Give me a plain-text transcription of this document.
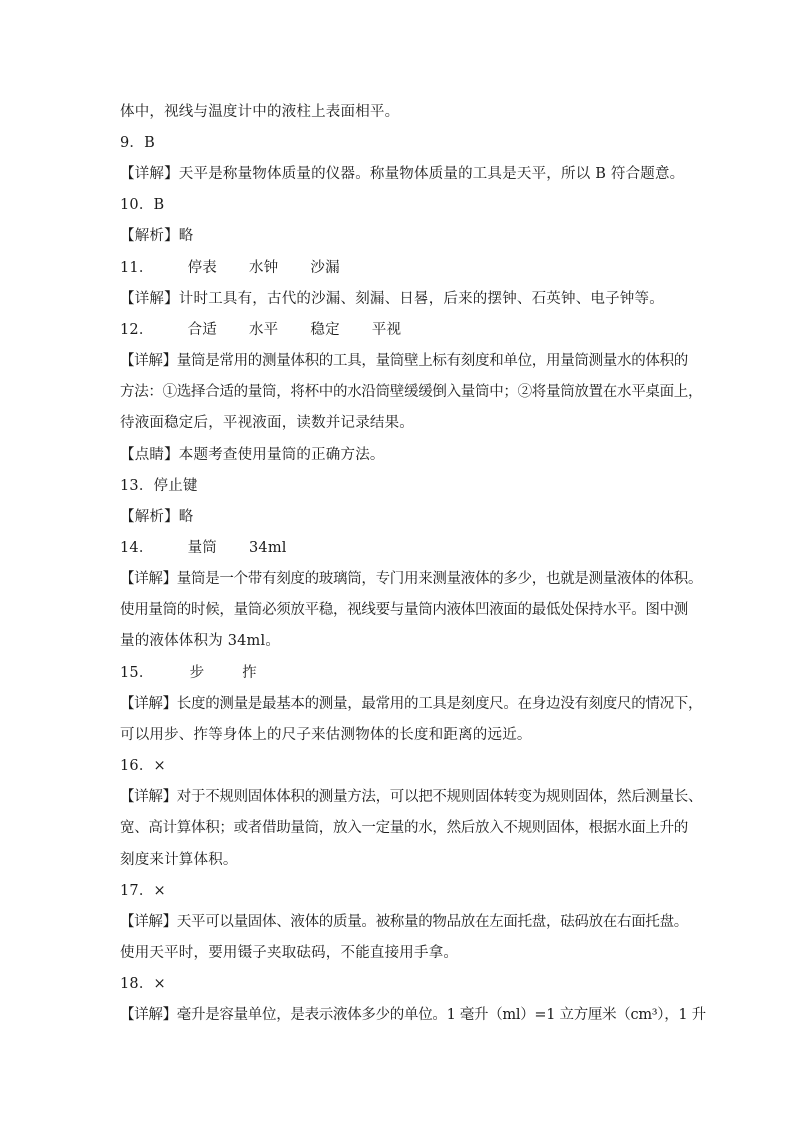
体中，视线与温度计中的液柱上表面相平。
9．B
【详解】天平是称量物体质量的仪器。称量物体质量的工具是天平，所以 B 符合题意。
10．B
【解析】略
11． 停表 水钟 沙漏
【详解】计时工具有，古代的沙漏、刻漏、日晷，后来的摆钟、石英钟、电子钟等。
12． 合适 水平 稳定 平视
【详解】量筒是常用的测量体积的工具，量筒壁上标有刻度和单位，用量筒测量水的体积的
方法：①选择合适的量筒，将杯中的水沿筒壁缓缓倒入量筒中；②将量筒放置在水平桌面上，
待液面稳定后，平视液面，读数并记录结果。
【点睛】本题考查使用量筒的正确方法。
13．停止键
【解析】略
14． 量筒 34ml
【详解】量筒是一个带有刻度的玻璃筒，专门用来测量液体的多少，也就是测量液体的体积。
使用量筒的时候，量筒必须放平稳，视线要与量筒内液体凹液面的最低处保持水平。图中测
量的液体体积为 34ml。
15． 步	拃
【详解】长度的测量是最基本的测量，最常用的工具是刻度尺。在身边没有刻度尺的情况下，
可以用步、拃等身体上的尺子来估测物体的长度和距离的远近。
16．×
【详解】对于不规则固体体积的测量方法，可以把不规则固体转变为规则固体，然后测量长、
宽、高计算体积；或者借助量筒，放入一定量的水，然后放入不规则固体，根据水面上升的
刻度来计算体积。
17．×
【详解】天平可以量固体、液体的质量。被称量的物品放在左面托盘，砝码放在右面托盘。
使用天平时，要用镊子夹取砝码，不能直接用手拿。
18．×
【详解】毫升是容量单位，是表示液体多少的单位。1 毫升（ml）=1 立方厘米（cm³），1 升
